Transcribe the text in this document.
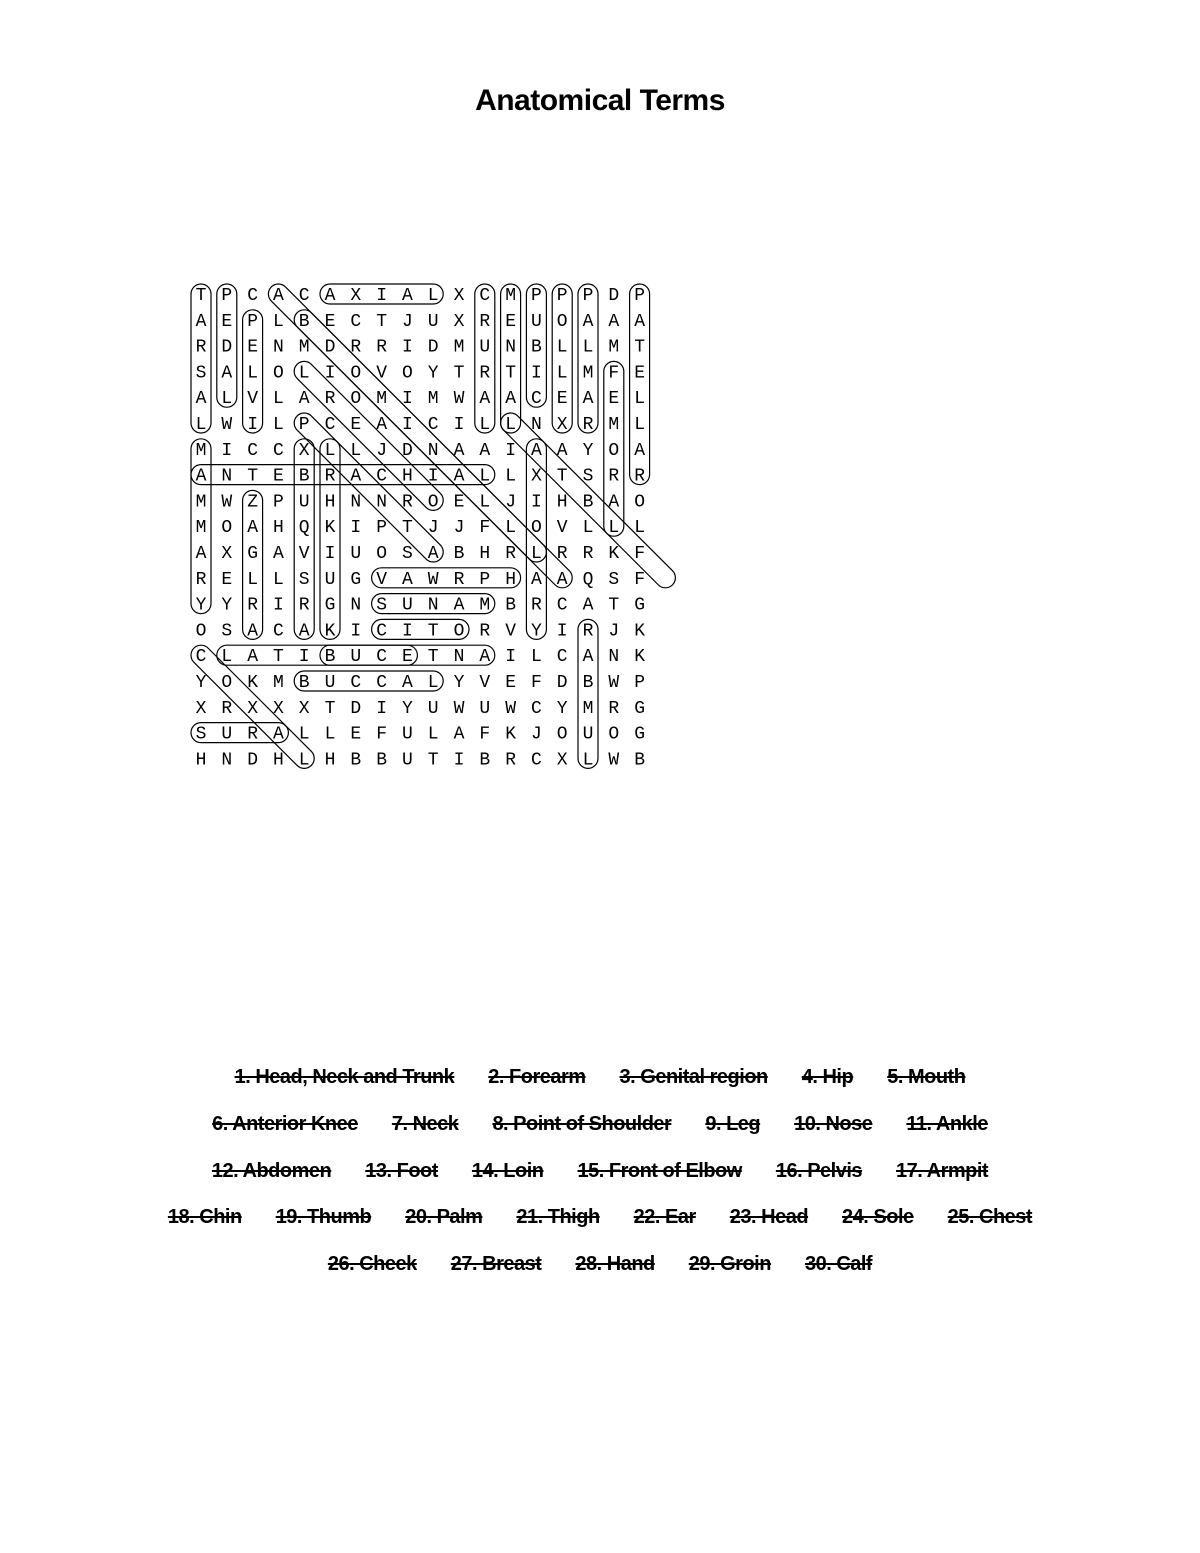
Anatomical Terms
T P C A C A X I A L X C M P P P D P
A E P L B E C T J U X R E U O A A A
R D E N M D R R I D M U N B L L M T
S A L O L I O V O Y T R T I L M F E
A L V L A R O M I M W A A C E A E L
L W I L P C E A I C I L L N X R M L
M I C C X L L J D N A A I A A Y O A
A N T E B R A C H I A L L X T S R R
M W Z P U H N N R O E L J I H B A O
M O A H Q K I P T J J F L O V L L L
A X G A V I U O S A B H R L R R K F
R E L L S U G V A W R P H A A Q S F
Y Y R I R G N S U N A M B R C A T G
O S A C A K I C I T O R V Y I R J K
C L A T I B U C E T N A I L C A N K
Y O K M B U C C A L Y V E F D B W P
X R X X X T D I Y U W U W C Y M R G
S U R A L L E F U L A F K J O U O G
H N D H L H B B U T I B R C X L W B
1. Head, Neck and Trunk 2. Forearm 3. Genital region 4. Hip 5. Mouth
6. Anterior Knee 7. Neck 8. Point of Shoulder 9. Leg 10. Nose 11. Ankle
12. Abdomen 13. Foot 14. Loin 15. Front of Elbow 16. Pelvis 17. Armpit
18. Chin 19. Thumb 20. Palm 21. Thigh 22. Ear 23. Head 24. Sole 25. Chest
26. Cheek 27. Breast 28. Hand 29. Groin 30. Calf
